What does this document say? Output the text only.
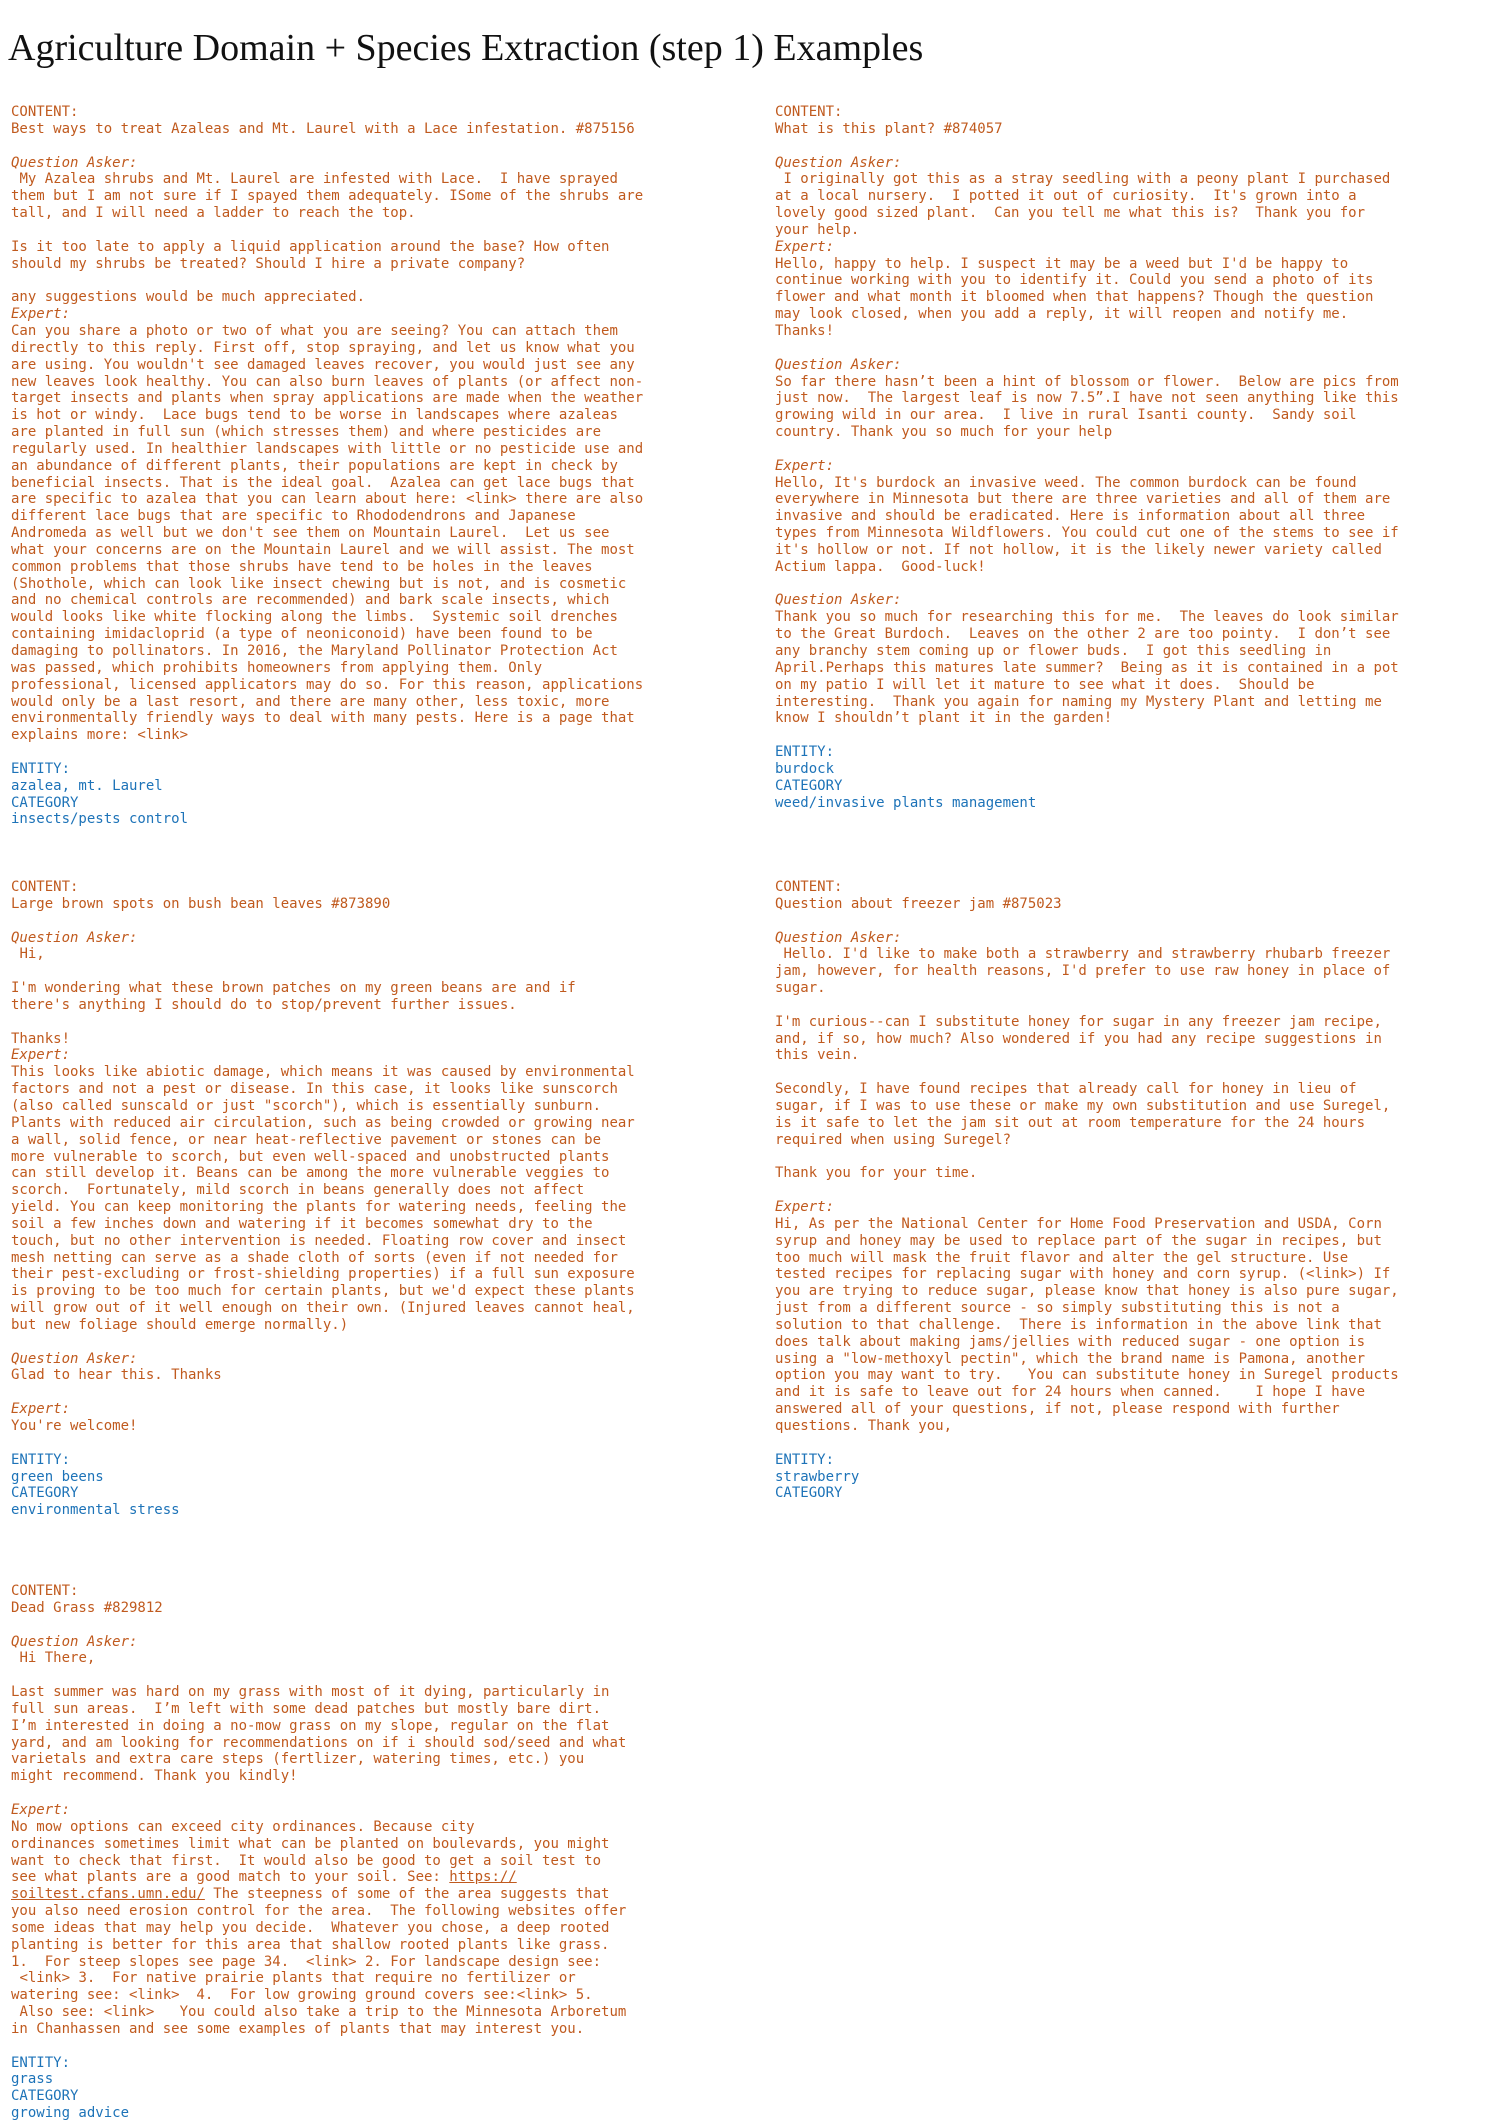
Agriculture Domain + Species Extraction (step 1) Examples
CONTENT:
Best ways to treat Azaleas and Mt. Laurel with a Lace infestation. #875156
Question Asker:
My Azalea shrubs and Mt. Laurel are infested with Lace.  I have sprayed
them but I am not sure if I spayed them adequately. ISome of the shrubs are
tall, and I will need a ladder to reach the top.
Is it too late to apply a liquid application around the base? How often
should my shrubs be treated? Should I hire a private company?
any suggestions would be much appreciated.
Expert:
Can you share a photo or two of what you are seeing? You can attach them
directly to this reply. First off, stop spraying, and let us know what you
are using. You wouldn't see damaged leaves recover, you would just see any
new leaves look healthy. You can also burn leaves of plants (or affect non-
target insects and plants when spray applications are made when the weather
is hot or windy.  Lace bugs tend to be worse in landscapes where azaleas
are planted in full sun (which stresses them) and where pesticides are
regularly used. In healthier landscapes with little or no pesticide use and
an abundance of different plants, their populations are kept in check by
beneficial insects. That is the ideal goal.  Azalea can get lace bugs that
are specific to azalea that you can learn about here: <link> there are also
different lace bugs that are specific to Rhododendrons and Japanese
Andromeda as well but we don't see them on Mountain Laurel.  Let us see
what your concerns are on the Mountain Laurel and we will assist. The most
common problems that those shrubs have tend to be holes in the leaves
(Shothole, which can look like insect chewing but is not, and is cosmetic
and no chemical controls are recommended) and bark scale insects, which
would looks like white flocking along the limbs.  Systemic soil drenches
containing imidacloprid (a type of neoniconoid) have been found to be
damaging to pollinators. In 2016, the Maryland Pollinator Protection Act
was passed, which prohibits homeowners from applying them. Only
professional, licensed applicators may do so. For this reason, applications
would only be a last resort, and there are many other, less toxic, more
environmentally friendly ways to deal with many pests. Here is a page that
explains more: <link>
ENTITY:
azalea, mt. Laurel
CATEGORY
insects/pests control
CONTENT:
What is this plant? #874057
Question Asker:
I originally got this as a stray seedling with a peony plant I purchased
at a local nursery.  I potted it out of curiosity.  It's grown into a
lovely good sized plant.  Can you tell me what this is?  Thank you for
your help.
Expert:
Hello, happy to help. I suspect it may be a weed but I'd be happy to
continue working with you to identify it. Could you send a photo of its
flower and what month it bloomed when that happens? Though the question
may look closed, when you add a reply, it will reopen and notify me.
Thanks!
Question Asker:
So far there hasn’t been a hint of blossom or flower.  Below are pics from
just now.  The largest leaf is now 7.5”.I have not seen anything like this
growing wild in our area.  I live in rural Isanti county.  Sandy soil
country. Thank you so much for your help
Expert:
Hello, It's burdock an invasive weed. The common burdock can be found
everywhere in Minnesota but there are three varieties and all of them are
invasive and should be eradicated. Here is information about all three
types from Minnesota Wildflowers. You could cut one of the stems to see if
it's hollow or not. If not hollow, it is the likely newer variety called
Actium lappa.  Good-luck!
Question Asker:
Thank you so much for researching this for me.  The leaves do look similar
to the Great Burdoch.  Leaves on the other 2 are too pointy.  I don’t see
any branchy stem coming up or flower buds.  I got this seedling in
April.Perhaps this matures late summer?  Being as it is contained in a pot
on my patio I will let it mature to see what it does.  Should be
interesting.  Thank you again for naming my Mystery Plant and letting me
know I shouldn’t plant it in the garden!
ENTITY:
burdock
CATEGORY
weed/invasive plants management
CONTENT:
Large brown spots on bush bean leaves #873890
Question Asker:
Hi,
I'm wondering what these brown patches on my green beans are and if
there's anything I should do to stop/prevent further issues.
Thanks!
Expert:
This looks like abiotic damage, which means it was caused by environmental
factors and not a pest or disease. In this case, it looks like sunscorch
(also called sunscald or just "scorch"), which is essentially sunburn.
Plants with reduced air circulation, such as being crowded or growing near
a wall, solid fence, or near heat-reflective pavement or stones can be
more vulnerable to scorch, but even well-spaced and unobstructed plants
can still develop it. Beans can be among the more vulnerable veggies to
scorch.  Fortunately, mild scorch in beans generally does not affect
yield. You can keep monitoring the plants for watering needs, feeling the
soil a few inches down and watering if it becomes somewhat dry to the
touch, but no other intervention is needed. Floating row cover and insect
mesh netting can serve as a shade cloth of sorts (even if not needed for
their pest-excluding or frost-shielding properties) if a full sun exposure
is proving to be too much for certain plants, but we'd expect these plants
will grow out of it well enough on their own. (Injured leaves cannot heal,
but new foliage should emerge normally.)
Question Asker:
Glad to hear this. Thanks
Expert:
You're welcome!
ENTITY:
green beens
CATEGORY
environmental stress
CONTENT:
Question about freezer jam #875023
Question Asker:
Hello. I'd like to make both a strawberry and strawberry rhubarb freezer
jam, however, for health reasons, I'd prefer to use raw honey in place of
sugar.
I'm curious--can I substitute honey for sugar in any freezer jam recipe,
and, if so, how much? Also wondered if you had any recipe suggestions in
this vein.
Secondly, I have found recipes that already call for honey in lieu of
sugar, if I was to use these or make my own substitution and use Suregel,
is it safe to let the jam sit out at room temperature for the 24 hours
required when using Suregel?
Thank you for your time.
Expert:
Hi, As per the National Center for Home Food Preservation and USDA, Corn
syrup and honey may be used to replace part of the sugar in recipes, but
too much will mask the fruit flavor and alter the gel structure. Use
tested recipes for replacing sugar with honey and corn syrup. (<link>) If
you are trying to reduce sugar, please know that honey is also pure sugar,
just from a different source - so simply substituting this is not a
solution to that challenge.  There is information in the above link that
does talk about making jams/jellies with reduced sugar - one option is
using a "low-methoxyl pectin", which the brand name is Pamona, another
option you may want to try.   You can substitute honey in Suregel products
and it is safe to leave out for 24 hours when canned.    I hope I have
answered all of your questions, if not, please respond with further
questions. Thank you,
ENTITY:
strawberry
CATEGORY
CONTENT:
Dead Grass #829812
Question Asker:
Hi There,
Last summer was hard on my grass with most of it dying, particularly in
full sun areas.  I’m left with some dead patches but mostly bare dirt.
I’m interested in doing a no-mow grass on my slope, regular on the flat
yard, and am looking for recommendations on if i should sod/seed and what
varietals and extra care steps (fertlizer, watering times, etc.) you
might recommend. Thank you kindly!
Expert:
No mow options can exceed city ordinances. Because city
ordinances sometimes limit what can be planted on boulevards, you might
want to check that first.  It would also be good to get a soil test to
see what plants are a good match to your soil. See: https://
soiltest.cfans.umn.edu/ The steepness of some of the area suggests that
you also need erosion control for the area.  The following websites offer
some ideas that may help you decide.  Whatever you chose, a deep rooted
planting is better for this area that shallow rooted plants like grass.
1.  For steep slopes see page 34.  <link> 2. For landscape design see:
<link> 3.  For native prairie plants that require no fertilizer or
watering see: <link>  4.  For low growing ground covers see:<link> 5.
Also see: <link>   You could also take a trip to the Minnesota Arboretum
in Chanhassen and see some examples of plants that may interest you.
ENTITY:
grass
CATEGORY
growing advice
